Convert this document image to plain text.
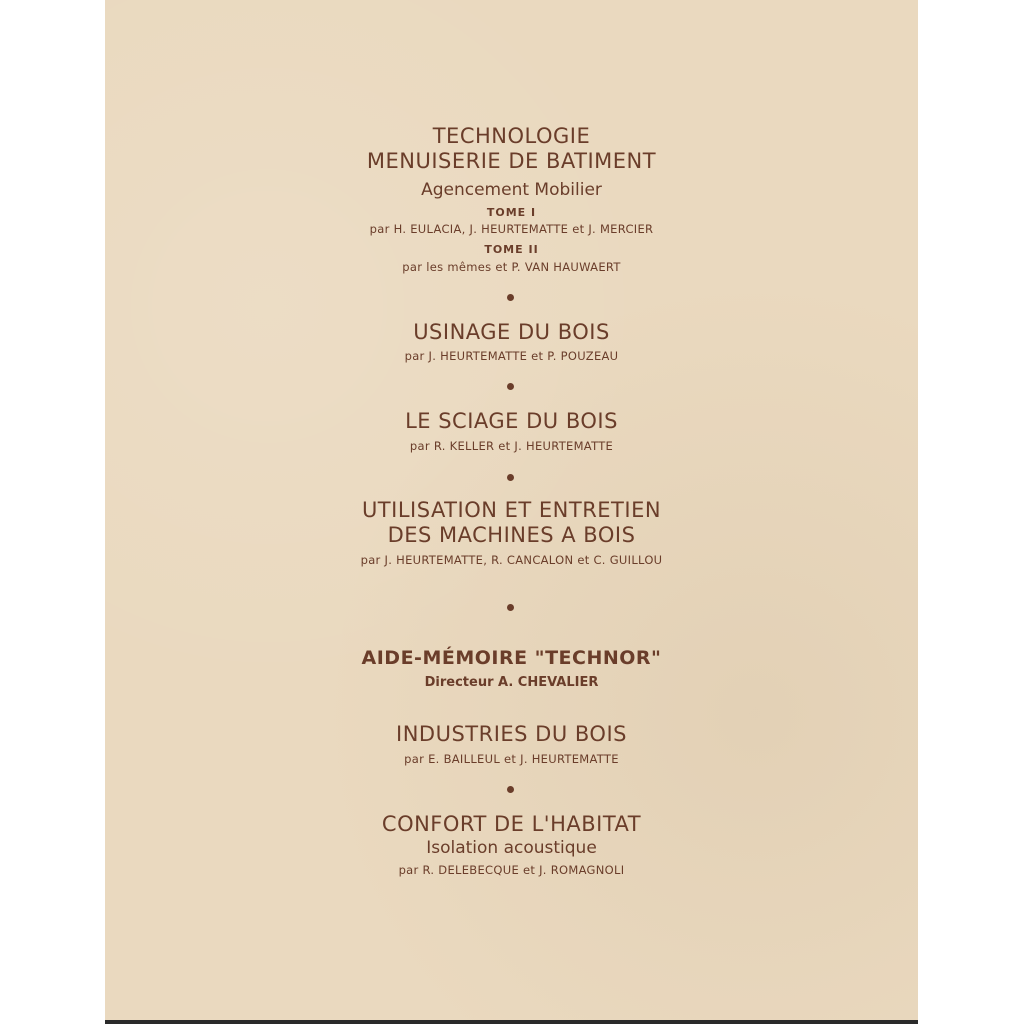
TECHNOLOGIE
MENUISERIE DE BATIMENT
Agencement Mobilier
TOME I
par H. EULACIA, J. HEURTEMATTE et J. MERCIER
TOME II
par les mêmes et P. VAN HAUWAERT
USINAGE DU BOIS
par J. HEURTEMATTE et P. POUZEAU
LE SCIAGE DU BOIS
par R. KELLER et J. HEURTEMATTE
UTILISATION ET ENTRETIEN
DES MACHINES A BOIS
par J. HEURTEMATTE, R. CANCALON et C. GUILLOU
AIDE-MÉMOIRE "TECHNOR"
Directeur A. CHEVALIER
INDUSTRIES DU BOIS
par E. BAILLEUL et J. HEURTEMATTE
CONFORT DE L'HABITAT
Isolation acoustique
par R. DELEBECQUE et J. ROMAGNOLI
